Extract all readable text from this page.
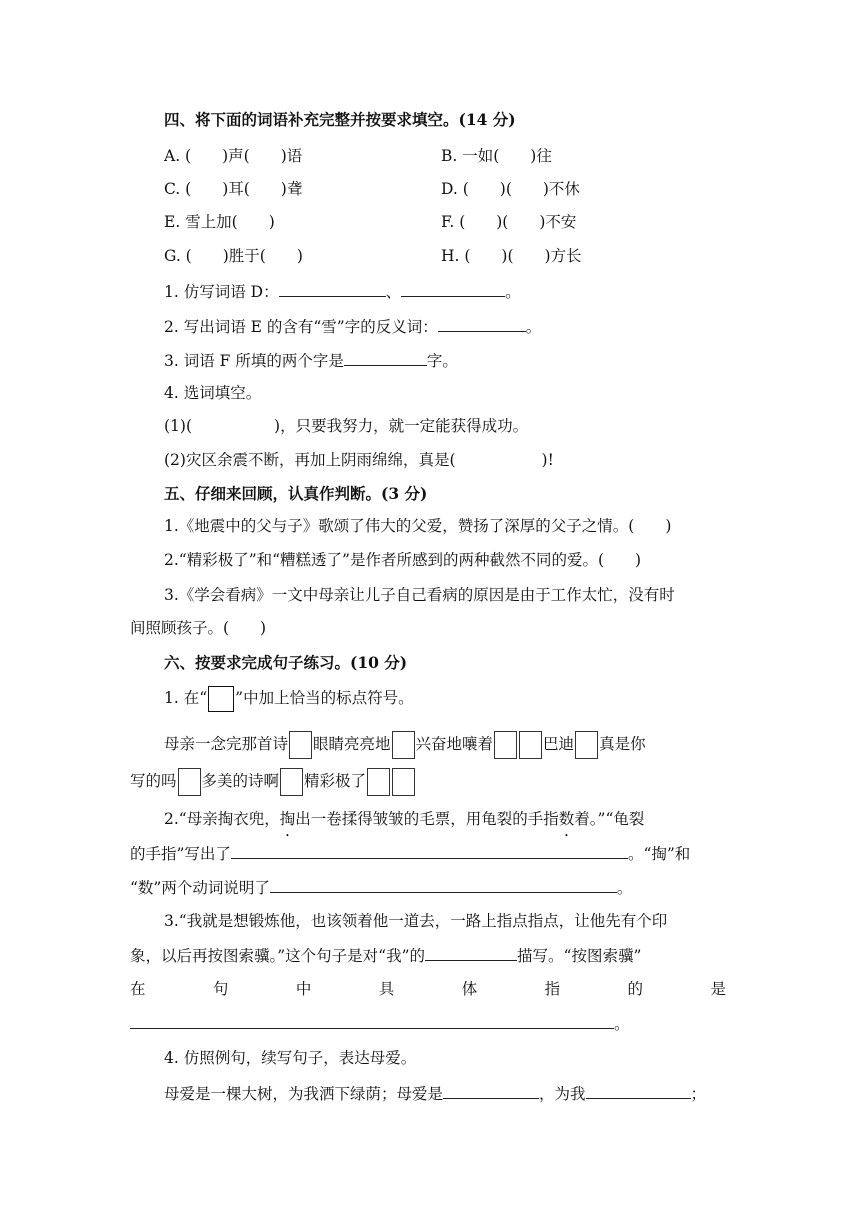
四、将下面的词语补充完整并按要求填空。(14 分)
A. (　　)声(　　)语	B. 一如(　　)往
C. (　　)耳(　　)聋	D. (　　)(　　)不休
E. 雪上加(　　)	F. (　　)(　　)不安
G. (　　)胜于(　　)	H. (　　)(　　)方长
1. 仿写词语 D：	、	。
2. 写出词语 E 的含有“雪”字的反义词：	。
3. 词语 F 所填的两个字是	字。
4. 选词填空。
(1)(	)，只要我努力，就一定能获得成功。
(2)灾区余震不断，再加上阴雨绵绵，真是(	)!
五、仔细来回顾，认真作判断。(3 分)
1.《地震中的父与子》歌颂了伟大的父爱，赞扬了深厚的父子之情。(　　)
2.“精彩极了”和“糟糕透了”是作者所感到的两种截然不同的爱。(　　)
3.《学会看病》一文中母亲让儿子自己看病的原因是由于工作太忙，没有时
间照顾孩子。(　　)
六、按要求完成句子练习。(10 分)
1. 在“ ”中加上恰当的标点符号。
母亲一念完那首诗 眼睛亮亮地 兴奋地嚷着	巴迪 真是你
写的吗 多美的诗啊 精彩极了
2.“母亲掏衣兜，掏出一卷揉得皱皱的毛票，用龟裂的手指数着。”“龟裂
的手指”写出了	。“掏”和
“数”两个动词说明了	。
3.“我就是想锻炼他，也该领着他一道去，一路上指点指点，让他先有个印
象，以后再按图索骥。”这个句子是对“我”的	描写。“按图索骥”
在	句	中	具	体	指	的	是
。
4. 仿照例句，续写句子，表达母爱。
母爱是一棵大树，为我洒下绿荫；母爱是	，为我	；
